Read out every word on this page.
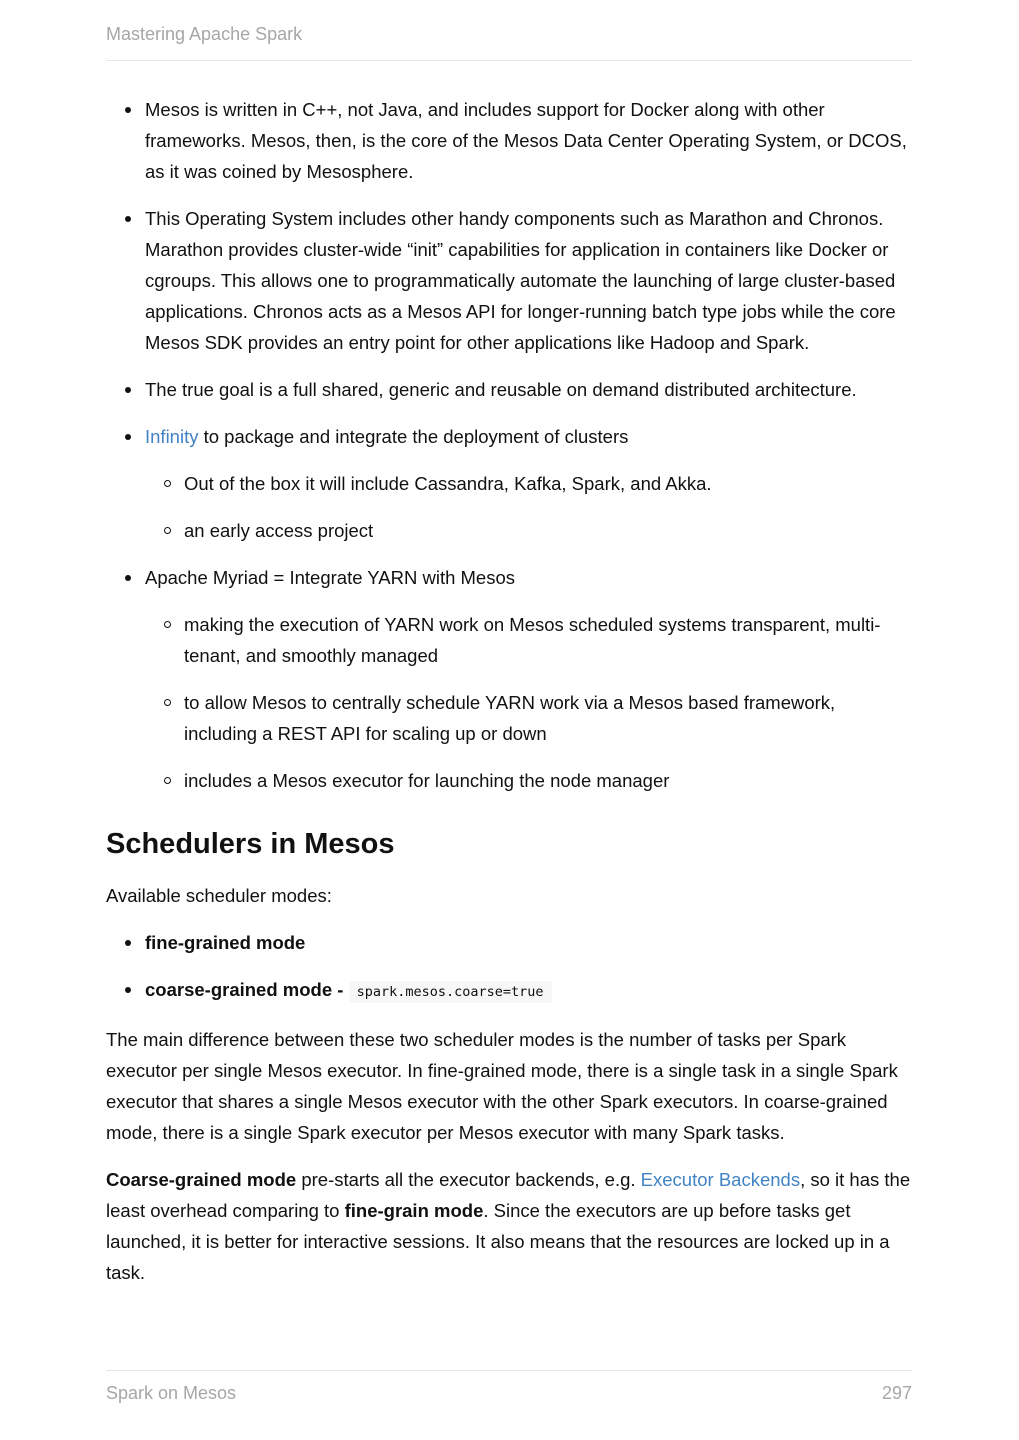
Mastering Apache Spark
Mesos is written in C++, not Java, and includes support for Docker along with other frameworks. Mesos, then, is the core of the Mesos Data Center Operating System, or DCOS, as it was coined by Mesosphere.
This Operating System includes other handy components such as Marathon and Chronos. Marathon provides cluster-wide “init” capabilities for application in containers like Docker or cgroups. This allows one to programmatically automate the launching of large cluster-based applications. Chronos acts as a Mesos API for longer-running batch type jobs while the core Mesos SDK provides an entry point for other applications like Hadoop and Spark.
The true goal is a full shared, generic and reusable on demand distributed architecture.
Infinity to package and integrate the deployment of clusters
Out of the box it will include Cassandra, Kafka, Spark, and Akka.
an early access project
Apache Myriad = Integrate YARN with Mesos
making the execution of YARN work on Mesos scheduled systems transparent, multi-tenant, and smoothly managed
to allow Mesos to centrally schedule YARN work via a Mesos based framework, including a REST API for scaling up or down
includes a Mesos executor for launching the node manager
Schedulers in Mesos

Available scheduler modes:

fine-grained mode
coarse-grained mode - spark.mesos.coarse=true

The main difference between these two scheduler modes is the number of tasks per Spark executor per single Mesos executor. In fine-grained mode, there is a single task in a single Spark executor that shares a single Mesos executor with the other Spark executors. In coarse-grained mode, there is a single Spark executor per Mesos executor with many Spark tasks.

Coarse-grained mode pre-starts all the executor backends, e.g. Executor Backends, so it has the least overhead comparing to fine-grain mode. Since the executors are up before tasks get launched, it is better for interactive sessions. It also means that the resources are locked up in a task.

Spark on Mesos	297
